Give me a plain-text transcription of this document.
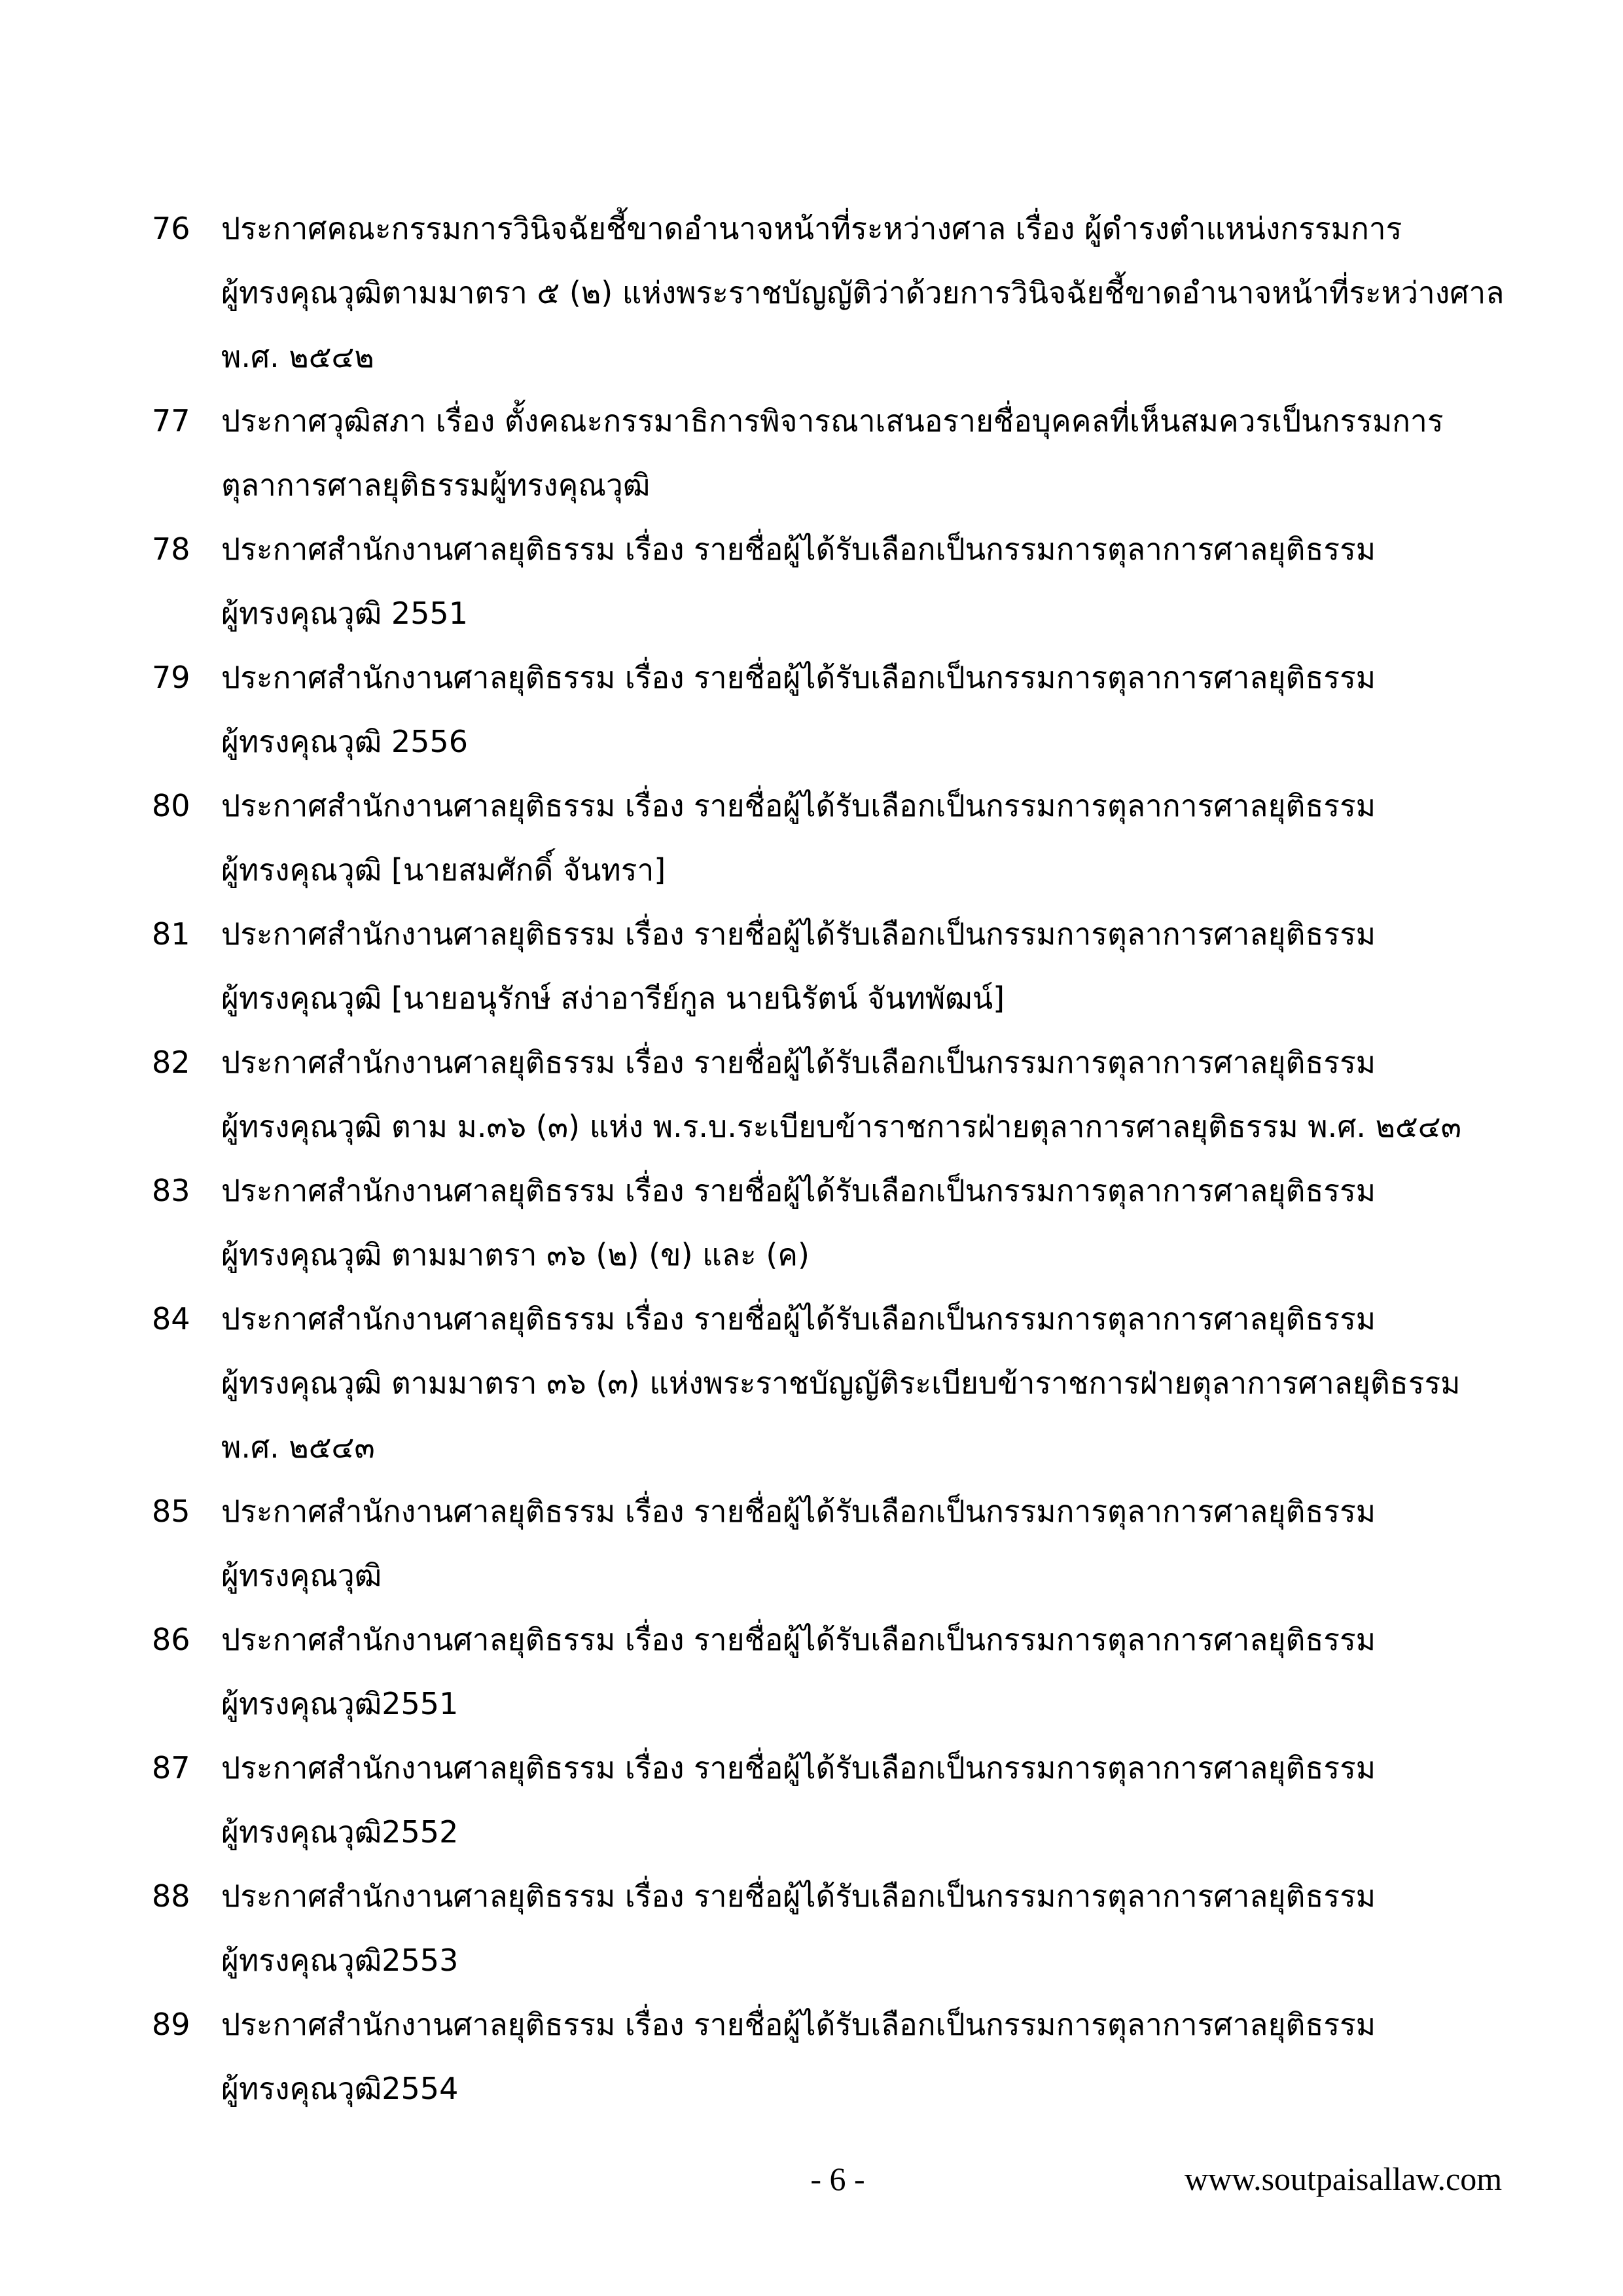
76	ประกาศคณะกรรมการวินิจฉัยชี้ขาดอำนาจหน้าที่ระหว่างศาล เรื่อง ผู้ดำรงตำแหน่งกรรมการ
ผู้ทรงคุณวุฒิตามมาตรา ๕ (๒) แห่งพระราชบัญญัติว่าด้วยการวินิจฉัยชี้ขาดอำนาจหน้าที่ระหว่างศาล
พ.ศ. ๒๕๔๒
77	ประกาศวุฒิสภา เรื่อง ตั้งคณะกรรมาธิการพิจารณาเสนอรายชื่อบุคคลที่เห็นสมควรเป็นกรรมการ
ตุลาการศาลยุติธรรมผู้ทรงคุณวุฒิ
78	ประกาศสำนักงานศาลยุติธรรม เรื่อง รายชื่อผู้ได้รับเลือกเป็นกรรมการตุลาการศาลยุติธรรม
ผู้ทรงคุณวุฒิ 2551
79	ประกาศสำนักงานศาลยุติธรรม เรื่อง รายชื่อผู้ได้รับเลือกเป็นกรรมการตุลาการศาลยุติธรรม
ผู้ทรงคุณวุฒิ 2556
80	ประกาศสำนักงานศาลยุติธรรม เรื่อง รายชื่อผู้ได้รับเลือกเป็นกรรมการตุลาการศาลยุติธรรม
ผู้ทรงคุณวุฒิ [นายสมศักดิ์ จันทรา]
81	ประกาศสำนักงานศาลยุติธรรม เรื่อง รายชื่อผู้ได้รับเลือกเป็นกรรมการตุลาการศาลยุติธรรม
ผู้ทรงคุณวุฒิ [นายอนุรักษ์ สง่าอารีย์กูล นายนิรัตน์ จันทพัฒน์]
82	ประกาศสำนักงานศาลยุติธรรม เรื่อง รายชื่อผู้ได้รับเลือกเป็นกรรมการตุลาการศาลยุติธรรม
ผู้ทรงคุณวุฒิ ตาม ม.๓๖ (๓) แห่ง พ.ร.บ.ระเบียบข้าราชการฝ่ายตุลาการศาลยุติธรรม พ.ศ. ๒๕๔๓
83	ประกาศสำนักงานศาลยุติธรรม เรื่อง รายชื่อผู้ได้รับเลือกเป็นกรรมการตุลาการศาลยุติธรรม
ผู้ทรงคุณวุฒิ ตามมาตรา ๓๖ (๒) (ข) และ (ค)
84	ประกาศสำนักงานศาลยุติธรรม เรื่อง รายชื่อผู้ได้รับเลือกเป็นกรรมการตุลาการศาลยุติธรรม
ผู้ทรงคุณวุฒิ ตามมาตรา ๓๖ (๓) แห่งพระราชบัญญัติระเบียบข้าราชการฝ่ายตุลาการศาลยุติธรรม
พ.ศ. ๒๕๔๓
85	ประกาศสำนักงานศาลยุติธรรม เรื่อง รายชื่อผู้ได้รับเลือกเป็นกรรมการตุลาการศาลยุติธรรม
ผู้ทรงคุณวุฒิ
86	ประกาศสำนักงานศาลยุติธรรม เรื่อง รายชื่อผู้ได้รับเลือกเป็นกรรมการตุลาการศาลยุติธรรม
ผู้ทรงคุณวุฒิ2551
87	ประกาศสำนักงานศาลยุติธรรม เรื่อง รายชื่อผู้ได้รับเลือกเป็นกรรมการตุลาการศาลยุติธรรม
ผู้ทรงคุณวุฒิ2552
88	ประกาศสำนักงานศาลยุติธรรม เรื่อง รายชื่อผู้ได้รับเลือกเป็นกรรมการตุลาการศาลยุติธรรม
ผู้ทรงคุณวุฒิ2553
89	ประกาศสำนักงานศาลยุติธรรม เรื่อง รายชื่อผู้ได้รับเลือกเป็นกรรมการตุลาการศาลยุติธรรม
ผู้ทรงคุณวุฒิ2554
- 6 -	www.soutpaisallaw.com
